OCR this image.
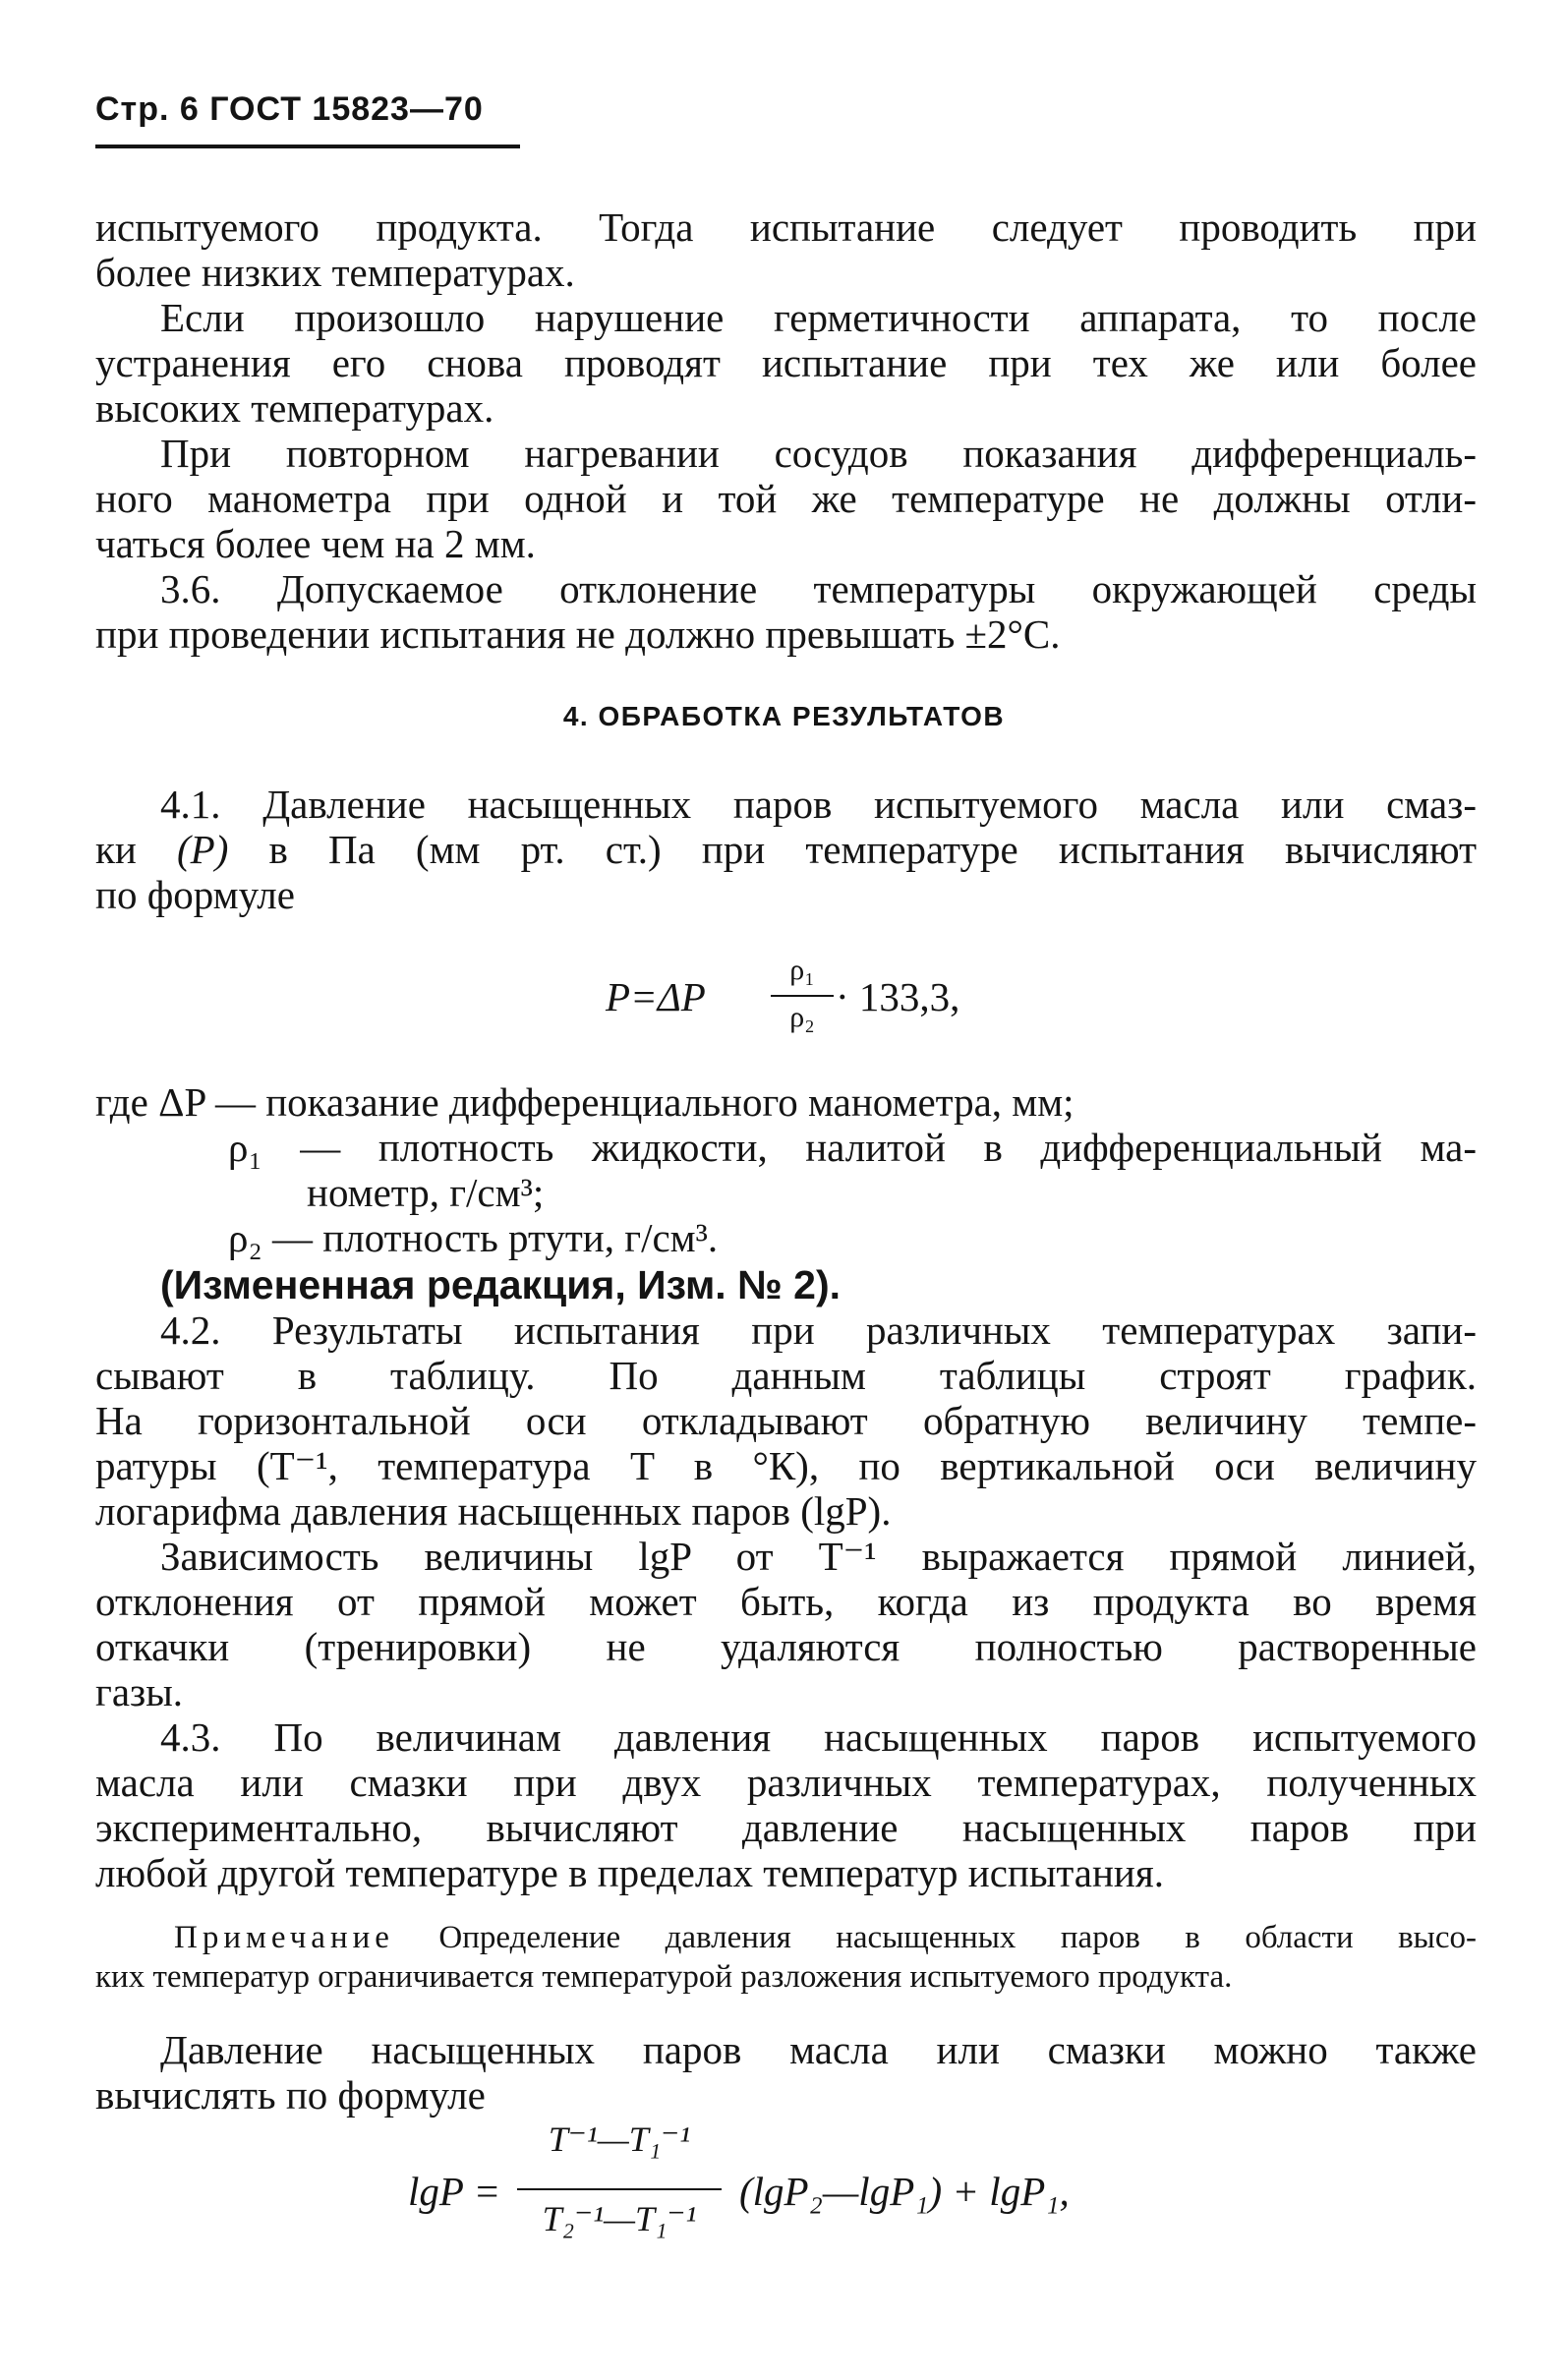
Стр. 6 ГОСТ 15823—70
испытуемого продукта. Тогда испытание следует проводить при
более низких температурах.
Если произошло нарушение герметичности аппарата, то после
устранения его снова проводят испытание при тех же или более
высоких температурах.
При повторном нагревании сосудов показания дифференциаль-
ного манометра при одной и той же температуре не должны отли-
чаться более чем на 2 мм.
3.6. Допускаемое отклонение температуры окружающей среды
при проведении испытания не должно превышать ±2°С.
4. ОБРАБОТКА РЕЗУЛЬТАТОВ
4.1. Давление насыщенных паров испытуемого масла или смаз-
ки (Р) в Па (мм рт. ст.) при температуре испытания вычисляют
по формуле
P=ΔP
ρ₁
ρ₂ · 133,3,
где ΔP — показание дифференциального манометра, мм;
ρ₁ — плотность жидкости, налитой в дифференциальный ма-
нометр, г/см³;
ρ₂ — плотность ртути, г/см³.
(Измененная редакция, Изм. № 2).
4.2. Результаты испытания при различных температурах запи-
сывают в таблицу. По данным таблицы строят график.
На горизонтальной оси откладывают обратную величину темпе-
ратуры (T⁻¹, температура T в °К), по вертикальной оси величину
логарифма давления насыщенных паров (lgP).
Зависимость величины lgP от T⁻¹ выражается прямой линией,
отклонения от прямой может быть, когда из продукта во время
откачки (тренировки) не удаляются полностью растворенные
газы.
4.3. По величинам давления насыщенных паров испытуемого
масла или смазки при двух различных температурах, полученных
экспериментально, вычисляют давление насыщенных паров при
любой другой температуре в пределах температур испытания.
Примечание Определение давления насыщенных паров в области высо-
ких температур ограничивается температурой разложения испытуемого продукта.
Давление насыщенных паров масла или смазки можно также
вычислять по формуле
lgP =
T⁻¹—T₁⁻¹
T₂⁻¹—T₁⁻¹
(lgP₂—lgP₁) + lgP₁,
